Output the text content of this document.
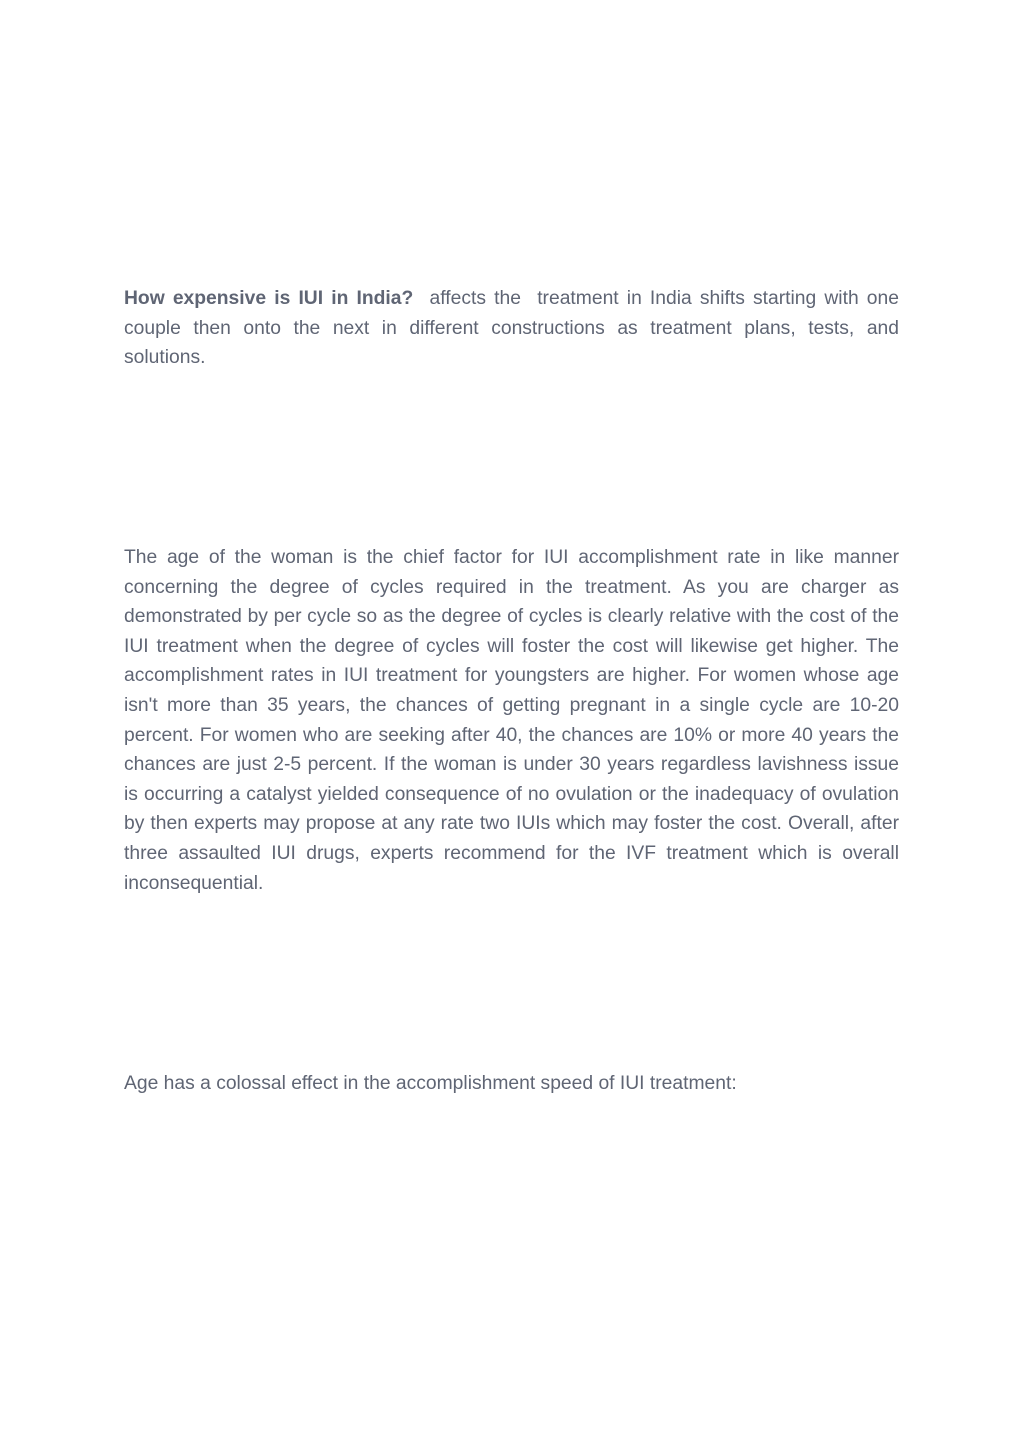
How expensive is IUI in India?  affects the  treatment in India shifts starting with one couple then onto the next in different constructions as treatment plans, tests, and solutions.

The age of the woman is the chief factor for IUI accomplishment rate in like manner concerning the degree of cycles required in the treatment. As you are charger as demonstrated by per cycle so as the degree of cycles is clearly relative with the cost of the IUI treatment when the degree of cycles will foster the cost will likewise get higher. The accomplishment rates in IUI treatment for youngsters are higher. For women whose age isn't more than 35 years, the chances of getting pregnant in a single cycle are 10-20 percent. For women who are seeking after 40, the chances are 10% or more 40 years the chances are just 2-5 percent. If the woman is under 30 years regardless lavishness issue is occurring a catalyst yielded consequence of no ovulation or the inadequacy of ovulation by then experts may propose at any rate two IUIs which may foster the cost. Overall, after three assaulted IUI drugs, experts recommend for the IVF treatment which is overall inconsequential.

Age has a colossal effect in the accomplishment speed of IUI treatment:
